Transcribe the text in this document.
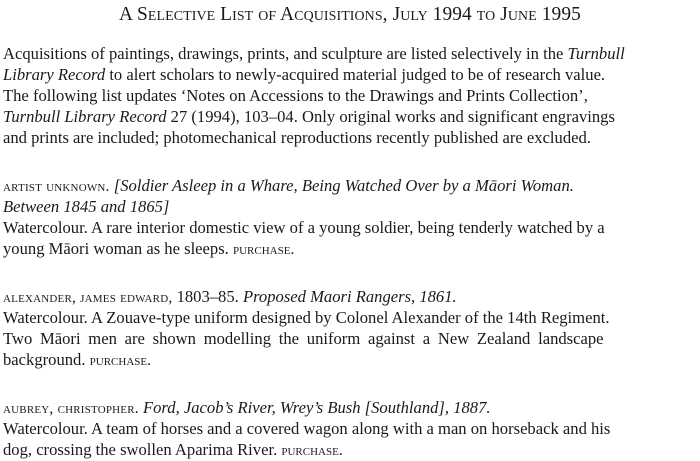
A Selective List of Acquisitions, July 1994 to June 1995

Acquisitions of paintings, drawings, prints, and sculpture are listed selectively in the Turnbull

Library Record to alert scholars to newly-acquired material judged to be of research value.

The following list updates ‘Notes on Accessions to the Drawings and Prints Collection’,

Turnbull Library Record 27 (1994), 103–04. Only original works and significant engravings

and prints are included; photomechanical reproductions recently published are excluded.

artist unknown. [Soldier Asleep in a Whare, Being Watched Over by a Māori Woman.

Between 1845 and 1865]

Watercolour. A rare interior domestic view of a young soldier, being tenderly watched by a

young Māori woman as he sleeps. purchase.

alexander, james edward, 1803–85. Proposed Maori Rangers, 1861.

Watercolour. A Zouave-type uniform designed by Colonel Alexander of the 14th Regiment.

Two Māori men are shown modelling the uniform against a New Zealand landscape

background. purchase.

aubrey, christopher. Ford, Jacob’s River, Wrey’s Bush [Southland], 1887.

Watercolour. A team of horses and a covered wagon along with a man on horseback and his

dog, crossing the swollen Aparima River. purchase.
